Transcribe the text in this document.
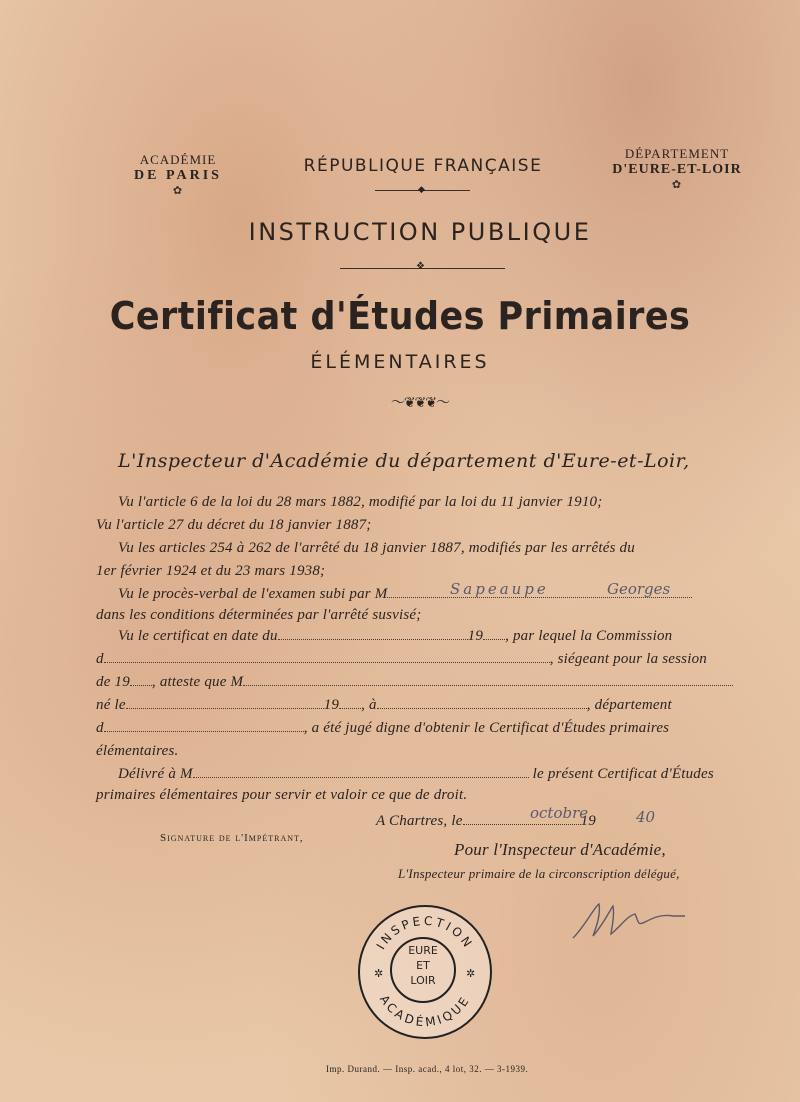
ACADÉMIE
DE PARIS
✿
RÉPUBLIQUE FRANÇAISE
◆
DÉPARTEMENT
D'EURE-ET-LOIR
✿
INSTRUCTION PUBLIQUE
❖
Certificat d'Études Primaires
ÉLÉMENTAIRES
〜❦❦❦〜
L'Inspecteur d'Académie du département d'Eure-et-Loir,
Vu l'article 6 de la loi du 28 mars 1882, modifié par la loi du 11 janvier 1910;
Vu l'article 27 du décret du 18 janvier 1887;
Vu les articles 254 à 262 de l'arrêté du 18 janvier 1887, modifiés par les arrêtés du
1er février 1924 et du 23 mars 1938;
Vu le procès-verbal de l'examen subi par M	Sapeaupe	Georges
dans les conditions déterminées par l'arrêté susvisé;
Vu le certificat en date du	19 , par lequel la Commission
d	, siégeant pour la session
de 19 , atteste que M
né le	19 , à	, département
d	, a été jugé digne d'obtenir le Certificat d'Études primaires
élémentaires.
Délivré à M	le présent Certificat d'Études
primaires élémentaires pour servir et valoir ce que de droit.
A Chartres, le	19
octobre	40
Signature de l'Impétrant,
Pour l'Inspecteur d'Académie,
L'Inspecteur primaire de la circonscription délégué,
INSPECTION
ACADÉMIQUE
✲	✲
EURE
ET
LOIR
Imp. Durand. — Insp. acad., 4 lot, 32. — 3-1939.
